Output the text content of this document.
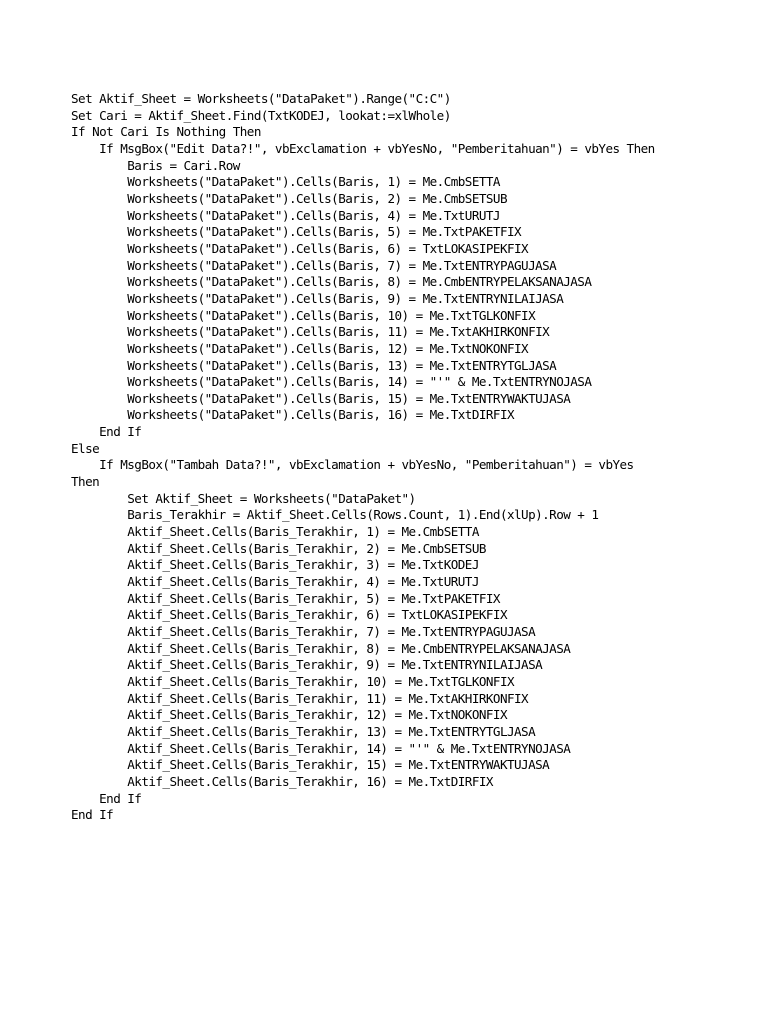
Set Aktif_Sheet = Worksheets("DataPaket").Range("C:C")
Set Cari = Aktif_Sheet.Find(TxtKODEJ, lookat:=xlWhole)
If Not Cari Is Nothing Then
If MsgBox("Edit Data?!", vbExclamation + vbYesNo, "Pemberitahuan") = vbYes Then
Baris = Cari.Row
Worksheets("DataPaket").Cells(Baris, 1) = Me.CmbSETTA
Worksheets("DataPaket").Cells(Baris, 2) = Me.CmbSETSUB
Worksheets("DataPaket").Cells(Baris, 4) = Me.TxtURUTJ
Worksheets("DataPaket").Cells(Baris, 5) = Me.TxtPAKETFIX
Worksheets("DataPaket").Cells(Baris, 6) = TxtLOKASIPEKFIX
Worksheets("DataPaket").Cells(Baris, 7) = Me.TxtENTRYPAGUJASA
Worksheets("DataPaket").Cells(Baris, 8) = Me.CmbENTRYPELAKSANAJASA
Worksheets("DataPaket").Cells(Baris, 9) = Me.TxtENTRYNILAIJASA
Worksheets("DataPaket").Cells(Baris, 10) = Me.TxtTGLKONFIX
Worksheets("DataPaket").Cells(Baris, 11) = Me.TxtAKHIRKONFIX
Worksheets("DataPaket").Cells(Baris, 12) = Me.TxtNOKONFIX
Worksheets("DataPaket").Cells(Baris, 13) = Me.TxtENTRYTGLJASA
Worksheets("DataPaket").Cells(Baris, 14) = "'" & Me.TxtENTRYNOJASA
Worksheets("DataPaket").Cells(Baris, 15) = Me.TxtENTRYWAKTUJASA
Worksheets("DataPaket").Cells(Baris, 16) = Me.TxtDIRFIX
End If
Else
If MsgBox("Tambah Data?!", vbExclamation + vbYesNo, "Pemberitahuan") = vbYes
Then
Set Aktif_Sheet = Worksheets("DataPaket")
Baris_Terakhir = Aktif_Sheet.Cells(Rows.Count, 1).End(xlUp).Row + 1
Aktif_Sheet.Cells(Baris_Terakhir, 1) = Me.CmbSETTA
Aktif_Sheet.Cells(Baris_Terakhir, 2) = Me.CmbSETSUB
Aktif_Sheet.Cells(Baris_Terakhir, 3) = Me.TxtKODEJ
Aktif_Sheet.Cells(Baris_Terakhir, 4) = Me.TxtURUTJ
Aktif_Sheet.Cells(Baris_Terakhir, 5) = Me.TxtPAKETFIX
Aktif_Sheet.Cells(Baris_Terakhir, 6) = TxtLOKASIPEKFIX
Aktif_Sheet.Cells(Baris_Terakhir, 7) = Me.TxtENTRYPAGUJASA
Aktif_Sheet.Cells(Baris_Terakhir, 8) = Me.CmbENTRYPELAKSANAJASA
Aktif_Sheet.Cells(Baris_Terakhir, 9) = Me.TxtENTRYNILAIJASA
Aktif_Sheet.Cells(Baris_Terakhir, 10) = Me.TxtTGLKONFIX
Aktif_Sheet.Cells(Baris_Terakhir, 11) = Me.TxtAKHIRKONFIX
Aktif_Sheet.Cells(Baris_Terakhir, 12) = Me.TxtNOKONFIX
Aktif_Sheet.Cells(Baris_Terakhir, 13) = Me.TxtENTRYTGLJASA
Aktif_Sheet.Cells(Baris_Terakhir, 14) = "'" & Me.TxtENTRYNOJASA
Aktif_Sheet.Cells(Baris_Terakhir, 15) = Me.TxtENTRYWAKTUJASA
Aktif_Sheet.Cells(Baris_Terakhir, 16) = Me.TxtDIRFIX
End If
End If
